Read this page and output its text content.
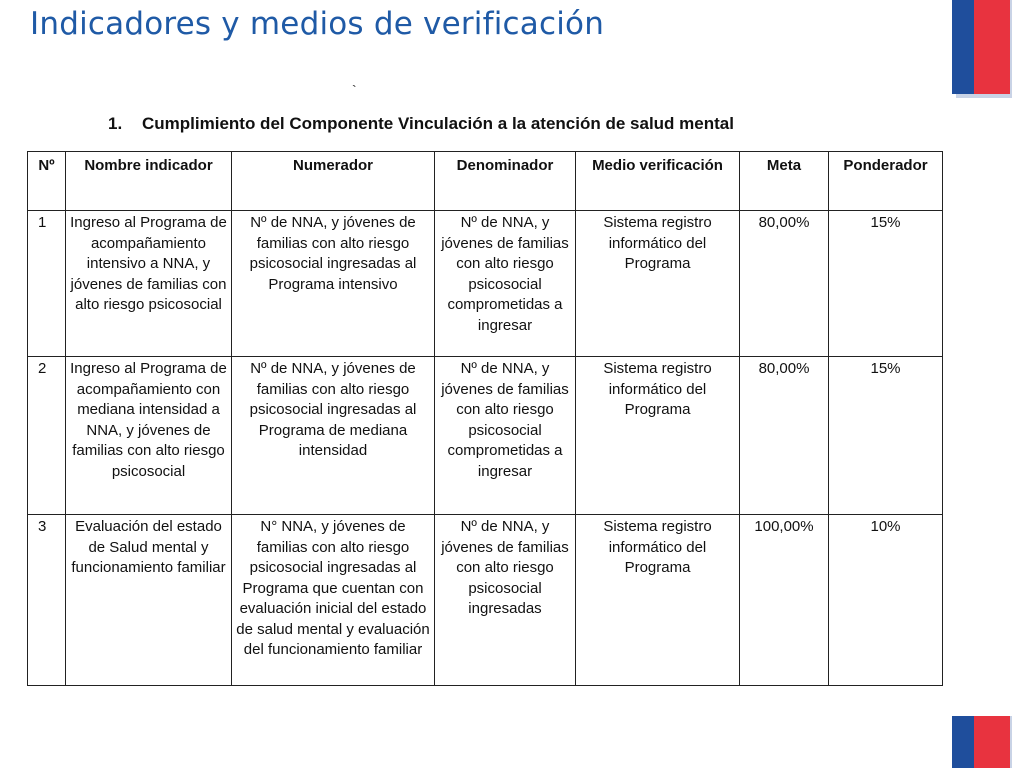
Indicadores y medios de verificación
`
1. Cumplimiento del Componente Vinculación a la atención de salud mental
Nº	Nombre indicador	Numerador	Denominador	Medio verificación	Meta	Ponderador
1	Ingreso al Programa de acompañamiento intensivo a NNA, y jóvenes de familias con alto riesgo psicosocial	Nº de NNA, y jóvenes de familias con alto riesgo psicosocial ingresadas al Programa intensivo	Nº de NNA, y jóvenes de familias con alto riesgo psicosocial comprometidas a ingresar	Sistema registro informático del Programa	80,00%	15%
2	Ingreso al Programa de acompañamiento con mediana intensidad a NNA, y jóvenes de familias con alto riesgo psicosocial	Nº de NNA, y jóvenes de familias con alto riesgo psicosocial ingresadas al Programa de mediana intensidad	Nº de NNA, y jóvenes de familias con alto riesgo psicosocial comprometidas a ingresar	Sistema registro informático del Programa	80,00%	15%
3	Evaluación del estado de Salud mental y funcionamiento familiar	N° NNA, y jóvenes de familias con alto riesgo psicosocial ingresadas al Programa que cuentan con evaluación inicial del estado de salud mental y evaluación del funcionamiento familiar	Nº de NNA, y jóvenes de familias con alto riesgo psicosocial ingresadas	Sistema registro informático del Programa	100,00%	10%
